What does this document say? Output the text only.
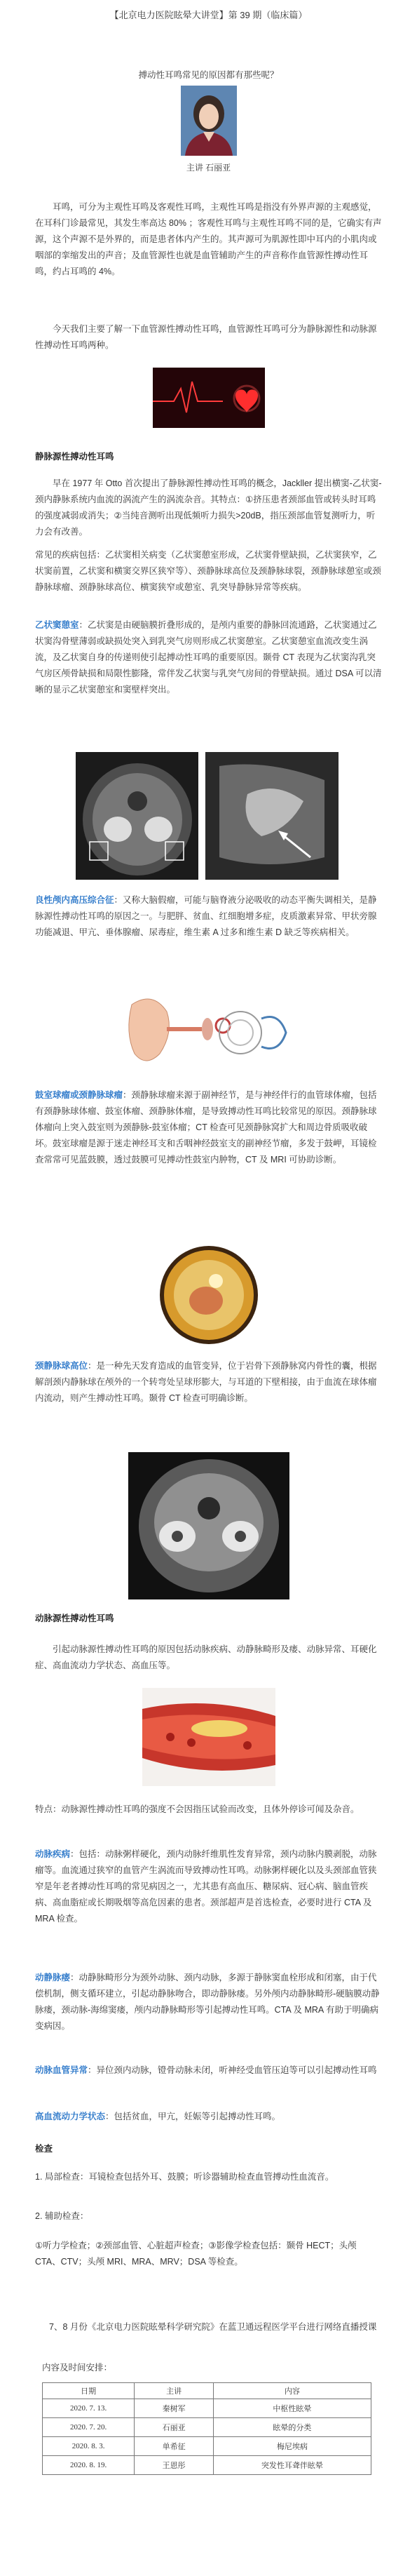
【北京电力医院眩晕大讲堂】第 39 期（临床篇）
搏动性耳鸣常见的原因都有那些呢？
主讲 石丽亚
耳鸣，可分为主观性耳鸣及客观性耳鸣，主观性耳鸣是指没有外界声源的主观感觉，在耳科门诊最常见，其发生率高达 80% ；客观性耳鸣与主观性耳鸣不同的是，它确实有声源，这个声源不是外界的，而是患者体内产生的。其声源可为肌源性即中耳内的小肌肉或咽部的挛缩发出的声音；及血管源性也就是血管辅助产生的声音称作血管源性搏动性耳鸣，约占耳鸣的 4%。
今天我们主要了解一下血管源性搏动性耳鸣，血管源性耳鸣可分为静脉源性和动脉源性搏动性耳鸣两种。
静脉源性搏动性耳鸣
早在 1977 年 Otto 首次提出了静脉源性搏动性耳鸣的概念，Jackller 提出横窦-乙状窦-颈内静脉系统内血流的涡流产生的涡流杂音。其特点：①挤压患者颈部血管或转头时耳鸣的强度减弱或消失；②当纯音测听出现低频听力损失>20dB，指压颈部血管复测听力，听力会有改善。
常见的疾病包括：乙状窦相关病变（乙状窦憩室形成，乙状窦骨壁缺损，乙状窦狭窄，乙状窦前置，乙状窦和横窦交界区狭窄等）、颈静脉球高位及颈静脉球裂，颈静脉球憩室或颈静脉球瘤、颈静脉球高位、横窦狭窄或憩室、乳突导静脉异常等疾病。
乙状窦憩室：乙状窦是由硬脑膜折叠形成的，是颅内重要的静脉回流通路，乙状窦通过乙状窦沟骨壁薄弱或缺损处突入到乳突气房则形成乙状窦憩室。乙状窦憩室血流改变生涡流，及乙状窦自身的传递则使引起搏动性耳鸣的重要原因。颞骨 CT 表现为乙状窦沟乳突气房区颅骨缺损和局限性膨隆，常伴发乙状窦与乳突气房间的骨壁缺损。通过 DSA 可以清晰的显示乙状窦憩室和窦壁样突出。
良性颅内高压综合征：又称大脑假瘤，可能与脑脊液分泌吸收的动态平衡失调相关，是静脉源性搏动性耳鸣的原因之一。与肥胖、贫血、红细胞增多症，皮质激素异常、甲状旁腺功能减退、甲亢、垂体腺瘤、尿毒症，维生素 A 过多和维生素 D 缺乏等疾病相关。
鼓室球瘤或颈静脉球瘤：颈静脉球瘤来源于副神经节，是与神经伴行的血管球体瘤，包括有颈静脉球体瘤、鼓室体瘤、颈静脉体瘤，是导致搏动性耳鸣比较常见的原因。颈静脉球体瘤向上突入鼓室则为颈静脉-鼓室体瘤；CT 检查可见颈静脉窝扩大和周边骨质吸收破坏。鼓室球瘤是源于迷走神经耳支和舌咽神经鼓室支的副神经节瘤，多发于鼓岬，耳镜检查常常可见蓝鼓膜，透过鼓膜可见搏动性鼓室内肿物，CT 及 MRI 可协助诊断。
颈静脉球高位：是一种先天发育造成的血管变异，位于岩骨下颈静脉窝内骨性的囊，根据解剖颈内静脉球在颅外的一个转弯处呈球形膨大，与耳道的下壁相接，由于血流在球体瘤内流动，则产生搏动性耳鸣。颞骨 CT 检查可明确诊断。
动脉源性搏动性耳鸣
引起动脉源性搏动性耳鸣的原因包括动脉疾病、动静脉畸形及瘘、动脉异常、耳硬化症、高血流动力学状态、高血压等。
特点：动脉源性搏动性耳鸣的强度不会因指压试验而改变，且体外停诊可闻及杂音。
动脉疾病：包括：动脉粥样硬化，颈内动脉纤维肌性发育异常，颈内动脉内膜剥脱，动脉瘤等。血流通过狭窄的血管产生涡流而导致搏动性耳鸣。动脉粥样硬化以及头颈部血管狭窄是年老者搏动性耳鸣的常见病因之一，尤其患有高血压、糖尿病、冠心病、脑血管疾病、高血脂症或长期吸烟等高危因素的患者。颈部超声是首选检查，必要时进行 CTA 及 MRA 检查。
动静脉瘘：动静脉畸形分为颈外动脉、颈内动脉，多源于静脉窦血栓形成和闭塞，由于代偿机制，侧支循环建立，引起动静脉吻合，即动静脉瘘。另外颅内动静脉畸形-硬脑膜动静脉瘘，颈动脉-海绵窦瘘，颅内动静脉畸形等引起搏动性耳鸣。CTA 及 MRA 有助于明确病变病因。
动脉血管异常：异位颈内动脉，镫骨动脉未闭，听神经受血管压迫等可以引起搏动性耳鸣
高血流动力学状态：包括贫血，甲亢，妊娠等引起搏动性耳鸣。
检查
1. 局部检查：耳镜检查包括外耳、鼓膜；听诊器辅助检查血管搏动性血流音。
2. 辅助检查：
①听力学检查；②颈部血管、心脏超声检查；③影像学检查包括：颞骨 HECT；头颅 CTA、CTV；头颅 MRI、MRA、MRV；DSA 等检查。
7、8 月份《北京电力医院眩晕科学研究院》在蓝卫通远程医学平台进行网络直播授课
内容及时间安排：
日期	主讲	内容
2020. 7. 13.	秦树军	中枢性眩晕
2020. 7. 20.	石丽亚	眩晕的分类
2020. 8. 3.	单希征	梅尼埃病
2020. 8. 19.	王恩彤	突发性耳聋伴眩晕
